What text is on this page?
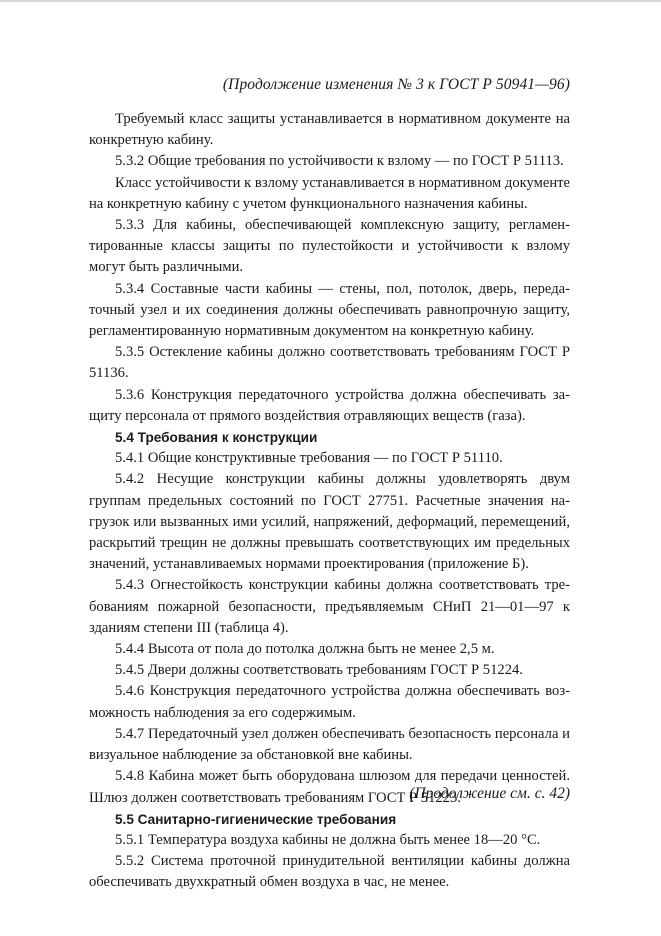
(Продолжение изменения № 3 к ГОСТ Р 50941—96)

Требуемый класс защиты устанавливается в нормативном документе на конкретную кабину.

5.3.2 Общие требования по устойчивости к взлому — по ГОСТ Р 51113.

Класс устойчивости к взлому устанавливается в нормативном документе на конкретную кабину с учетом функционального назначения кабины.

5.3.3 Для кабины, обеспечивающей комплексную защиту, регламентированные классы защиты по пулестойкости и устойчивости к взлому могут быть различными.

5.3.4 Составные части кабины — стены, пол, потолок, дверь, передаточный узел и их соединения должны обеспечивать равнопрочную защиту, регламентированную нормативным документом на конкретную кабину.

5.3.5 Остекление кабины должно соответствовать требованиям ГОСТ Р 51136.

5.3.6 Конструкция передаточного устройства должна обеспечивать защиту персонала от прямого воздействия отравляющих веществ (газа).

5.4 Требования к конструкции

5.4.1 Общие конструктивные требования — по ГОСТ Р 51110.

5.4.2 Несущие конструкции кабины должны удовлетворять двум группам предельных состояний по ГОСТ 27751. Расчетные значения нагрузок или вызванных ими усилий, напряжений, деформаций, перемещений, раскрытий трещин не должны превышать соответствующих им предельных значений, устанавливаемых нормами проектирования (приложение Б).

5.4.3 Огнестойкость конструкции кабины должна соответствовать требованиям пожарной безопасности, предъявляемым СНиП 21—01—97 к зданиям степени III (таблица 4).

5.4.4 Высота от пола до потолка должна быть не менее 2,5 м.

5.4.5 Двери должны соответствовать требованиям ГОСТ Р 51224.

5.4.6 Конструкция передаточного устройства должна обеспечивать возможность наблюдения за его содержимым.

5.4.7 Передаточный узел должен обеспечивать безопасность персонала и визуальное наблюдение за обстановкой вне кабины.

5.4.8 Кабина может быть оборудована шлюзом для передачи ценностей. Шлюз должен соответствовать требованиям ГОСТ Р 51223.

5.5 Санитарно-гигиенические требования

5.5.1 Температура воздуха кабины не должна быть менее 18—20 °С.

5.5.2 Система проточной принудительной вентиляции кабины должна обеспечивать двухкратный обмен воздуха в час, не менее.

(Продолжение см. с. 42)
